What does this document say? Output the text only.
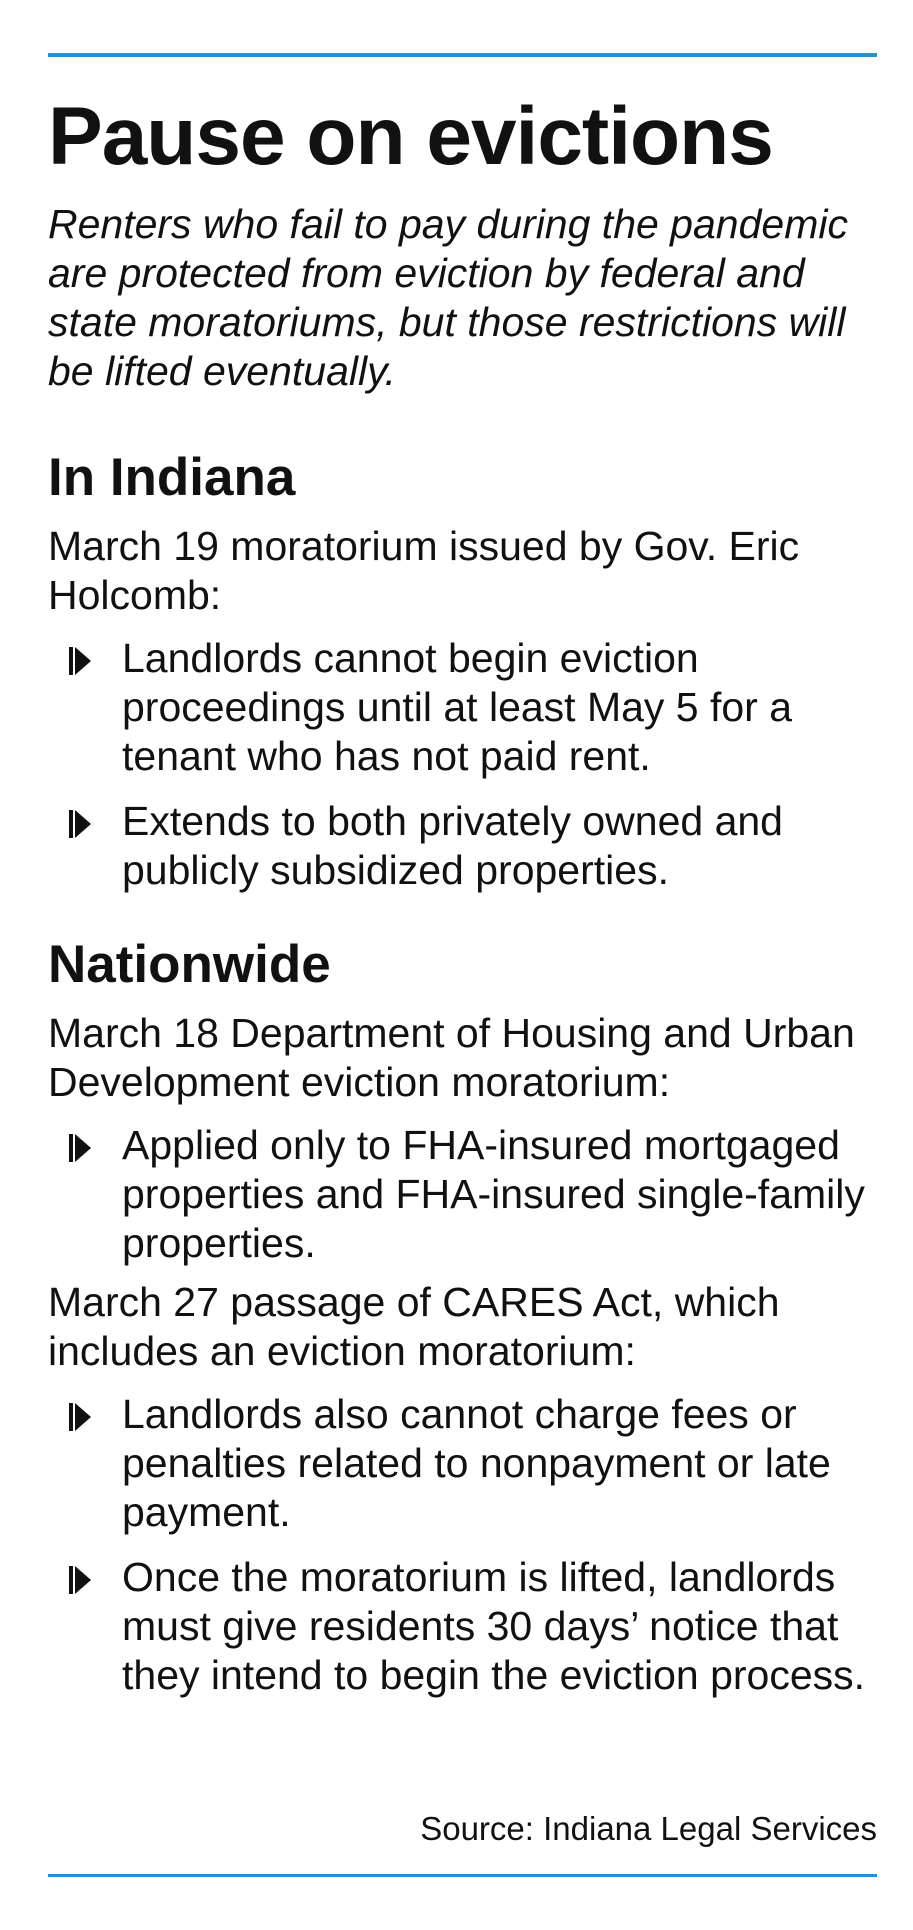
Pause on evictions

Renters who fail to pay during the pandemic are protected from eviction by federal and state moratoriums, but those restrictions will be lifted eventually.

In Indiana

March 19 moratorium issued by Gov. Eric Holcomb:

Landlords cannot begin eviction proceedings until at least May 5 for a tenant who has not paid rent.
Extends to both privately owned and publicly subsidized properties.
Nationwide

March 18 Department of Housing and Urban Development eviction moratorium:

Applied only to FHA-insured mortgaged properties and FHA-insured single-family properties.

March 27 passage of CARES Act, which includes an eviction moratorium:

Landlords also cannot charge fees or penalties related to nonpayment or late payment.
Once the moratorium is lifted, landlords must give residents 30 days’ notice that they intend to begin the eviction process.
Source: Indiana Legal Services
